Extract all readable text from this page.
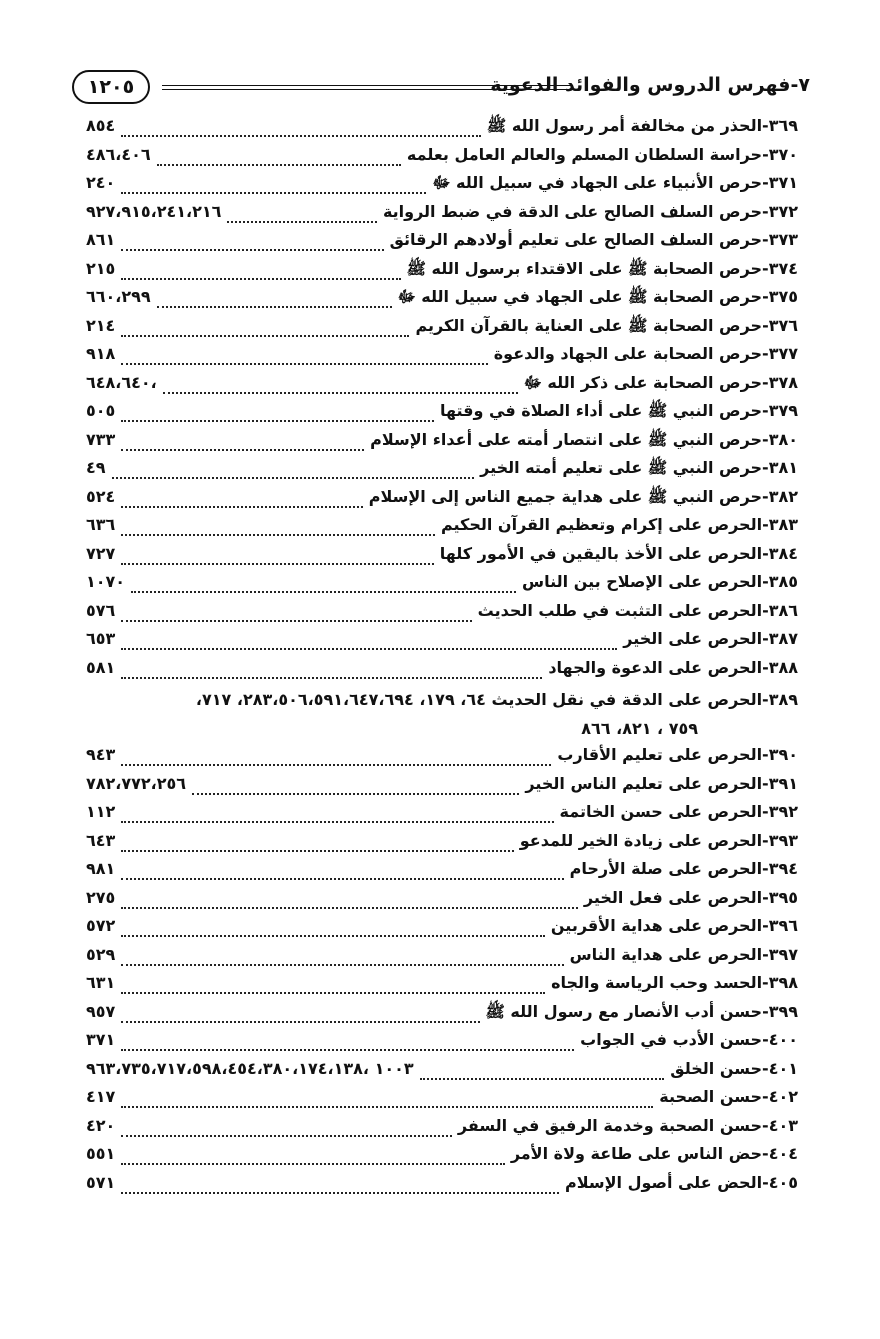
٧-فهرس الدروس والفوائد الدعوية
١٢٠٥
٣٦٩-الحذر من مخالفة أمر رسول الله ﷺ
٨٥٤
٣٧٠-حراسة السلطان المسلم والعالم العامل بعلمه
٤٨٦،٤٠٦
٣٧١-حرص الأنبياء على الجهاد في سبيل الله ﷻ
٢٤٠
٣٧٢-حرص السلف الصالح على الدقة في ضبط الرواية
٩٢٧،٩١٥،٢٤١،٢١٦
٣٧٣-حرص السلف الصالح على تعليم أولادهم الرقائق
٨٦١
٣٧٤-حرص الصحابة ﷺ على الاقتداء برسول الله ﷺ
٢١٥
٣٧٥-حرص الصحابة ﷺ على الجهاد في سبيل الله ﷻ
٦٦٠،٢٩٩
٣٧٦-حرص الصحابة ﷺ على العناية بالقرآن الكريم
٢١٤
٣٧٧-حرص الصحابة على الجهاد والدعوة
٩١٨
٣٧٨-حرص الصحابة على ذكر الله ﷻ
٦٤٨،٦٤٠،
٣٧٩-حرص النبي ﷺ على أداء الصلاة في وقتها
٥٠٥
٣٨٠-حرص النبي ﷺ على انتصار أمته على أعداء الإسلام
٧٣٣
٣٨١-حرص النبي ﷺ على تعليم أمته الخير
٤٩
٣٨٢-حرص النبي ﷺ على هداية جميع الناس إلى الإسلام
٥٢٤
٣٨٣-الحرص على إكرام وتعظيم القرآن الحكيم
٦٣٦
٣٨٤-الحرص على الأخذ باليقين في الأمور كلها
٧٢٧
٣٨٥-الحرص على الإصلاح بين الناس
١٠٧٠
٣٨٦-الحرص على التثبت في طلب الحديث
٥٧٦
٣٨٧-الحرص على الخير
٦٥٣
٣٨٨-الحرص على الدعوة والجهاد
٥٨١
٣٨٩-الحرص على الدقة في نقل الحديث ٦٤، ١٧٩، ٢٨٣،٥٠٦،٥٩١،٦٤٧،٦٩٤، ٧١٧،

٧٥٩ ، ٨٢١، ٨٦٦
٣٩٠-الحرص على تعليم الأقارب
٩٤٣
٣٩١-الحرص على تعليم الناس الخير
٧٨٢،٧٧٢،٢٥٦
٣٩٢-الحرص على حسن الخاتمة
١١٢
٣٩٣-الحرص على زيادة الخير للمدعو
٦٤٣
٣٩٤-الحرص على صلة الأرحام
٩٨١
٣٩٥-الحرص على فعل الخير
٢٧٥
٣٩٦-الحرص على هداية الأقربين
٥٧٢
٣٩٧-الحرص على هداية الناس
٥٢٩
٣٩٨-الحسد وحب الرياسة والجاه
٦٣١
٣٩٩-حسن أدب الأنصار مع رسول الله ﷺ
٩٥٧
٤٠٠-حسن الأدب في الجواب
٣٧١
٤٠١-حسن الخلق
١٠٠٣ ،٩٦٣،٧٣٥،٧١٧،٥٩٨،٤٥٤،٣٨٠،١٧٤،١٣٨
٤٠٢-حسن الصحبة
٤١٧
٤٠٣-حسن الصحبة وخدمة الرفيق في السفر
٤٢٠
٤٠٤-حض الناس على طاعة ولاة الأمر
٥٥١
٤٠٥-الحض على أصول الإسلام
٥٧١
